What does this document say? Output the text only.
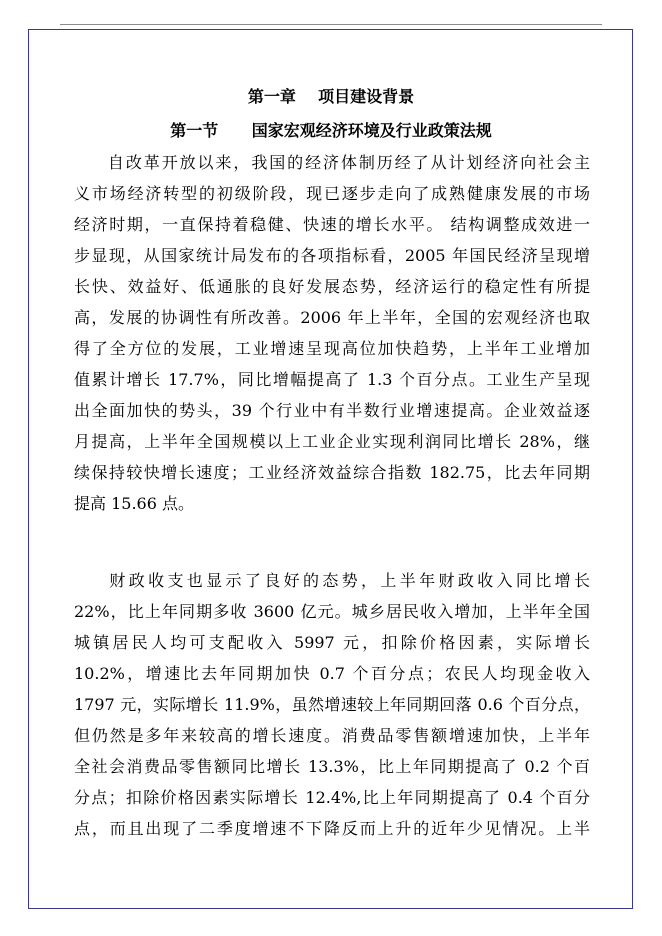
第一章    项目建设背景
第一节      国家宏观经济环境及行业政策法规
自改革开放以来，我国的经济体制历经了从计划经济向社会主
义市场经济转型的初级阶段，现已逐步走向了成熟健康发展的市场
经济时期，一直保持着稳健、快速的增长水平。 结构调整成效进一
步显现，从国家统计局发布的各项指标看，2005 年国民经济呈现增
长快、效益好、低通胀的良好发展态势，经济运行的稳定性有所提
高，发展的协调性有所改善。2006 年上半年，全国的宏观经济也取
得了全方位的发展，工业增速呈现高位加快趋势，上半年工业增加
值累计增长 17.7%，同比增幅提高了 1.3 个百分点。工业生产呈现
出全面加快的势头，39 个行业中有半数行业增速提高。企业效益逐
月提高，上半年全国规模以上工业企业实现利润同比增长 28%，继
续保持较快增长速度；工业经济效益综合指数 182.75，比去年同期
提高 15.66 点。
财政收支也显示了良好的态势，上半年财政收入同比增长
22%，比上年同期多收 3600 亿元。城乡居民收入增加，上半年全国
城镇居民人均可支配收入 5997 元，扣除价格因素，实际增长
10.2%，增速比去年同期加快 0.7 个百分点；农民人均现金收入
1797 元，实际增长 11.9%，虽然增速较上年同期回落 0.6 个百分点，
但仍然是多年来较高的增长速度。消费品零售额增速加快，上半年
全社会消费品零售额同比增长 13.3%，比上年同期提高了 0.2 个百
分点；扣除价格因素实际增长 12.4%,比上年同期提高了 0.4 个百分
点，而且出现了二季度增速不下降反而上升的近年少见情况。上半
